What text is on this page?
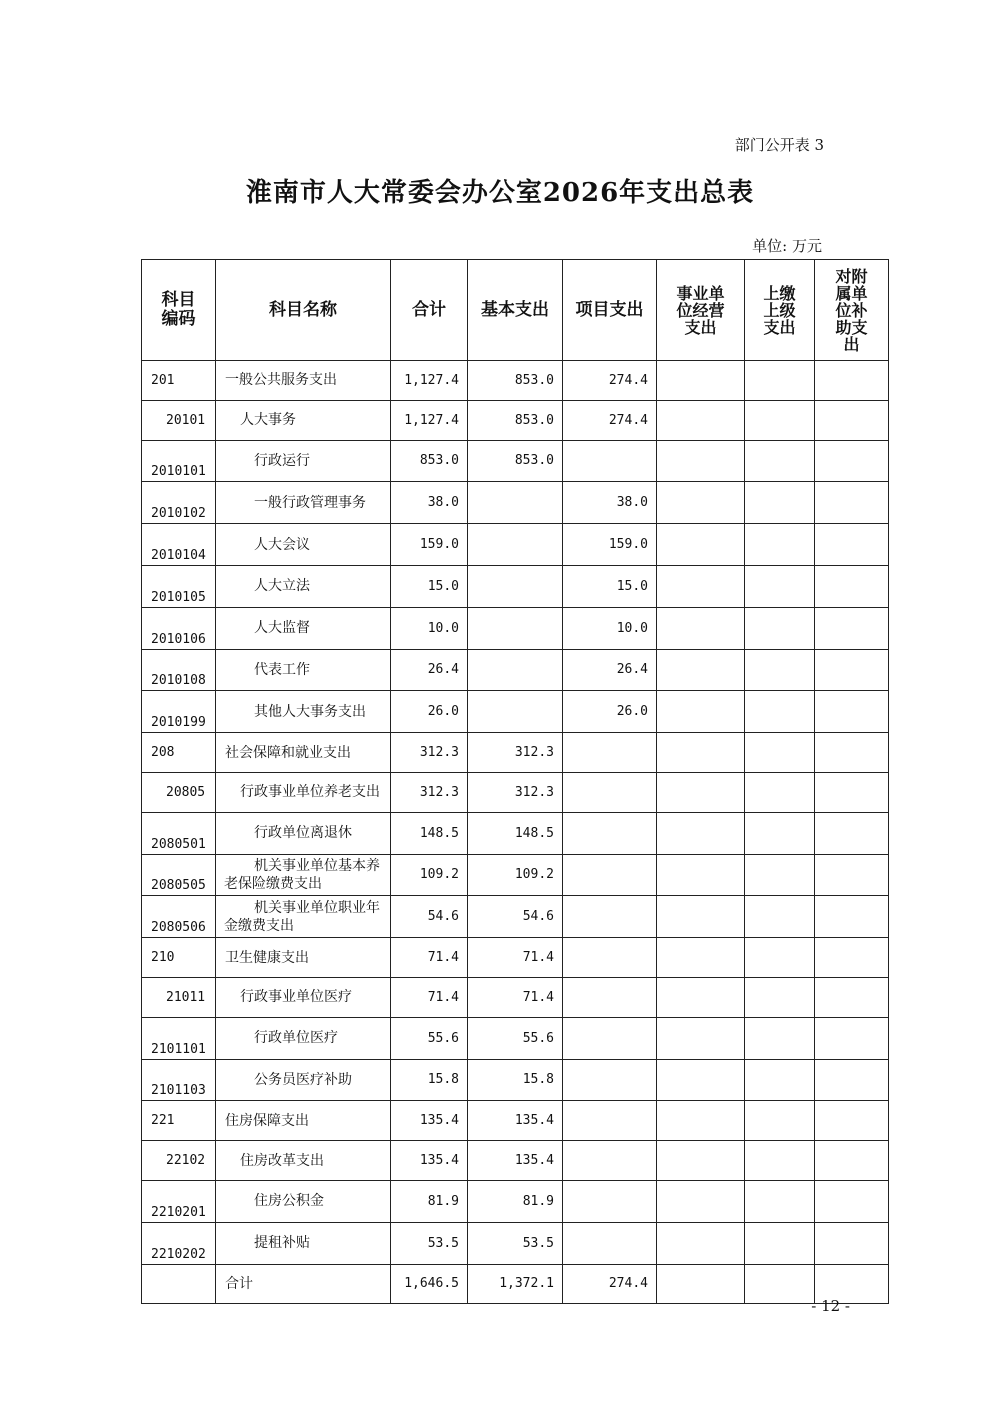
部门公开表 3
淮南市人大常委会办公室2026年支出总表
单位: 万元
科目
编码	科目名称	合计	基本支出	项目支出	事业单
位经营
支出	上缴
上级
支出	对附
属单
位补
助支
出
201	一般公共服务支出	1,127.4	853.0	274.4			
20101	人大事务	1,127.4	853.0	274.4			
2010101	行政运行	853.0	853.0				
2010102	一般行政管理事务	38.0		38.0			
2010104	人大会议	159.0		159.0			
2010105	人大立法	15.0		15.0			
2010106	人大监督	10.0		10.0			
2010108	代表工作	26.4		26.4			
2010199	其他人大事务支出	26.0		26.0			
208	社会保障和就业支出	312.3	312.3				
20805	行政事业单位养老支出	312.3	312.3				
2080501	行政单位离退休	148.5	148.5				
2080505	机关事业单位基本养老保险缴费支出	109.2	109.2				
2080506	机关事业单位职业年金缴费支出	54.6	54.6				
210	卫生健康支出	71.4	71.4				
21011	行政事业单位医疗	71.4	71.4				
2101101	行政单位医疗	55.6	55.6				
2101103	公务员医疗补助	15.8	15.8				
221	住房保障支出	135.4	135.4				
22102	住房改革支出	135.4	135.4				
2210201	住房公积金	81.9	81.9				
2210202	提租补贴	53.5	53.5				
	合计	1,646.5	1,372.1	274.4			
- 12 -
